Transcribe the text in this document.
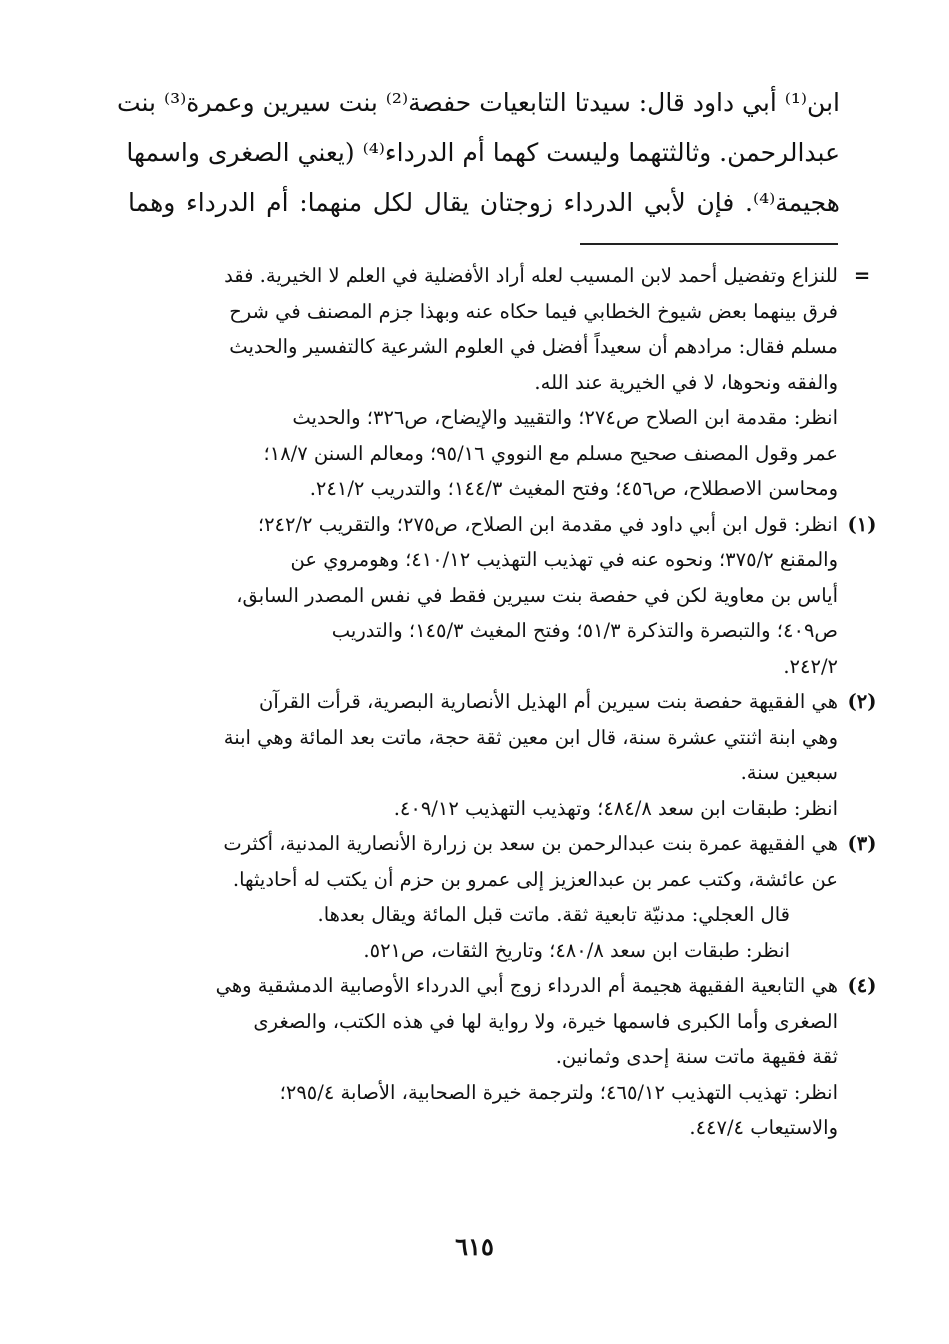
ابن⁽¹⁾ أبي داود قال: سيدتا التابعيات حفصة⁽²⁾ بنت سيرين وعمرة⁽³⁾ بنت
عبدالرحمن. وثالثتهما وليست كهما أم الدرداء⁽⁴⁾ (يعني الصغرى واسمها
هجيمة⁽⁴⁾. فإن لأبي الدرداء زوجتان يقال لكل منهما: أم الدرداء وهما
=
للنزاع وتفضيل أحمد لابن المسيب لعله أراد الأفضلية في العلم لا الخيرية. فقد
فرق بينهما بعض شيوخ الخطابي فيما حكاه عنه وبهذا جزم المصنف في شرح
مسلم فقال: مرادهم أن سعيداً أفضل في العلوم الشرعية كالتفسير والحديث
والفقه ونحوها، لا في الخيرية عند الله.
انظر: مقدمة ابن الصلاح ص٢٧٤؛ والتقييد والإيضاح، ص٣٢٦؛ والحديث
عمر وقول المصنف صحيح مسلم مع النووي ٩٥/١٦؛ ومعالم السنن ١٨/٧؛
ومحاسن الاصطلاح، ص٤٥٦؛ وفتح المغيث ١٤٤/٣؛ والتدريب ٢٤١/٢.
(١)
انظر: قول ابن أبي داود في مقدمة ابن الصلاح، ص٢٧٥؛ والتقريب ٢٤٢/٢؛
والمقنع ٣٧٥/٢؛ ونحوه عنه في تهذيب التهذيب ٤١٠/١٢؛ وهومروي عن
أياس بن معاوية لكن في حفصة بنت سيرين فقط في نفس المصدر السابق،
ص٤٠٩؛ والتبصرة والتذكرة ٥١/٣؛ وفتح المغيث ١٤٥/٣؛ والتدريب
٢٤٢/٢.
(٢)
هي الفقيهة حفصة بنت سيرين أم الهذيل الأنصارية البصرية، قرأت القرآن
وهي ابنة اثنتي عشرة سنة، قال ابن معين ثقة حجة، ماتت بعد المائة وهي ابنة
سبعين سنة.
انظر: طبقات ابن سعد ٤٨٤/٨؛ وتهذيب التهذيب ٤٠٩/١٢.
(٣)
هي الفقيهة عمرة بنت عبدالرحمن بن سعد بن زرارة الأنصارية المدنية، أكثرت
عن عائشة، وكتب عمر بن عبدالعزيز إلى عمرو بن حزم أن يكتب له أحاديثها.
قال العجلي: مدنيّة تابعية ثقة. ماتت قبل المائة ويقال بعدها.
انظر: طبقات ابن سعد ٤٨٠/٨؛ وتاريخ الثقات، ص٥٢١.
(٤)
هي التابعية الفقيهة هجيمة أم الدرداء زوج أبي الدرداء الأوصابية الدمشقية وهي
الصغرى وأما الكبرى فاسمها خيرة، ولا رواية لها في هذه الكتب، والصغرى
ثقة فقيهة ماتت سنة إحدى وثمانين.
انظر: تهذيب التهذيب ٤٦٥/١٢؛ ولترجمة خيرة الصحابية، الأصابة ٢٩٥/٤؛
والاستيعاب ٤٤٧/٤.
٦١٥
